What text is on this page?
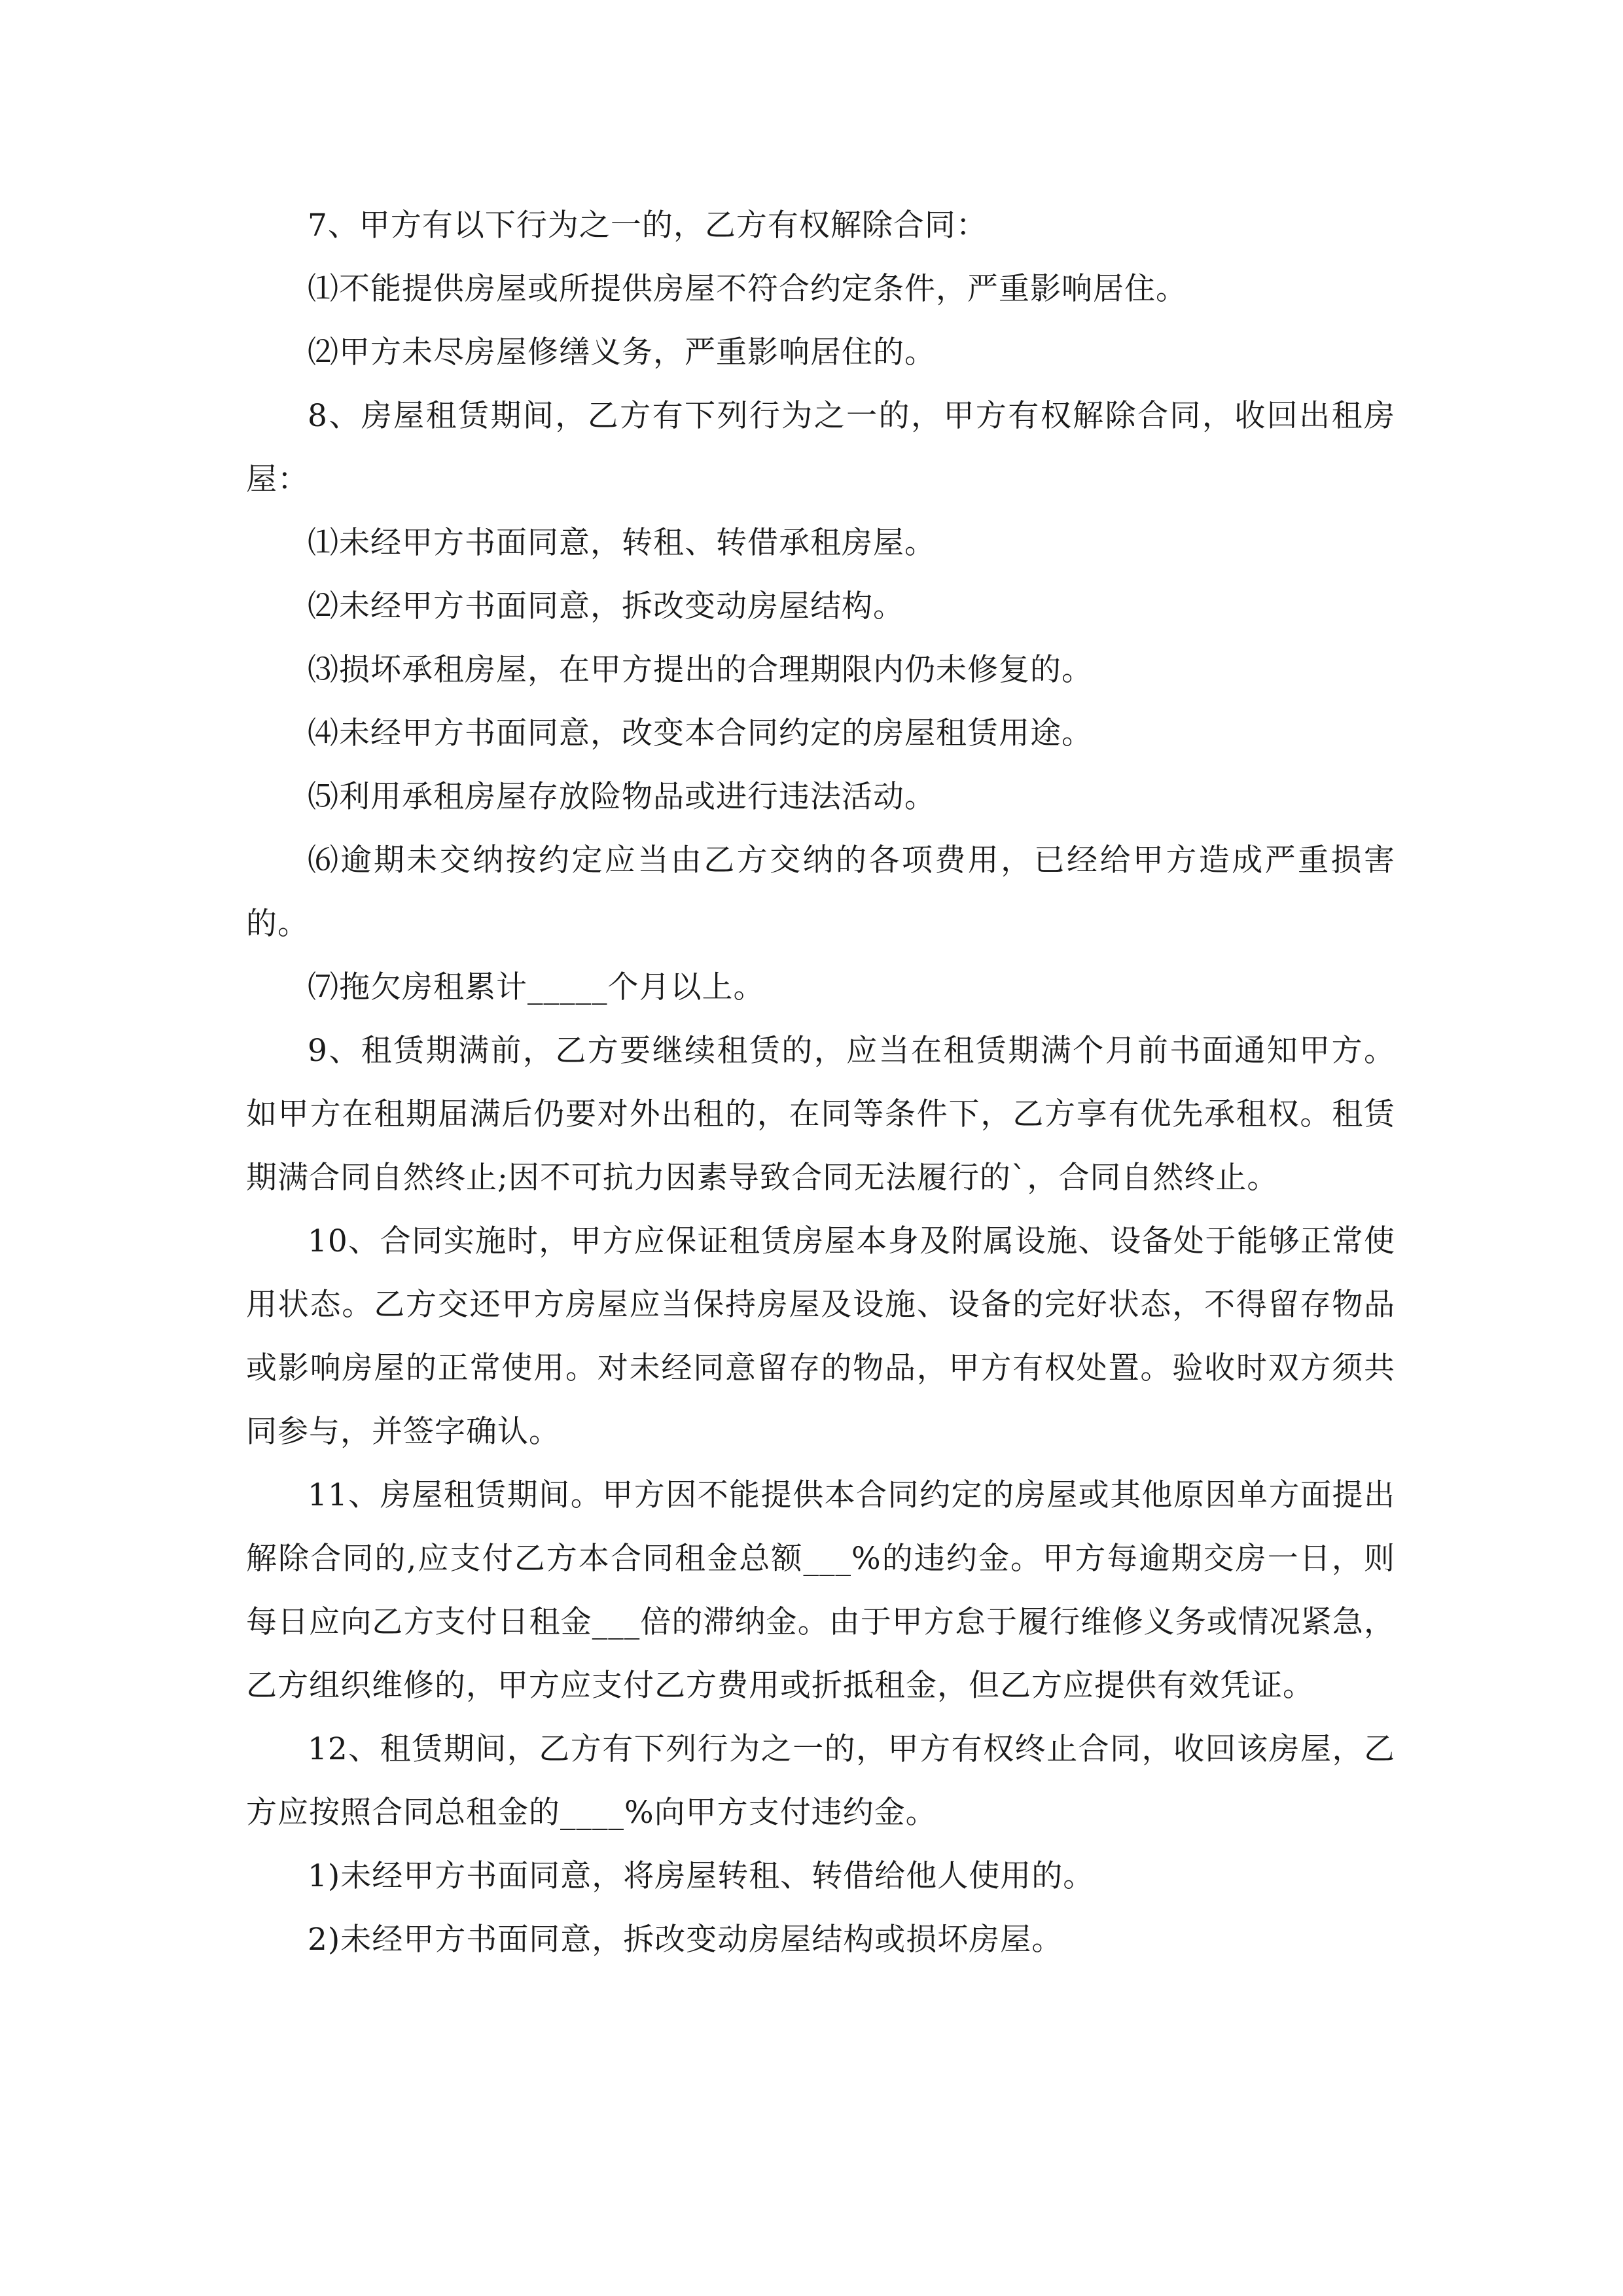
7、甲方有以下行为之一的，乙方有权解除合同：

⑴不能提供房屋或所提供房屋不符合约定条件，严重影响居住。

⑵甲方未尽房屋修缮义务，严重影响居住的。

8、房屋租赁期间，乙方有下列行为之一的，甲方有权解除合同，收回出租房屋：

⑴未经甲方书面同意，转租、转借承租房屋。

⑵未经甲方书面同意，拆改变动房屋结构。

⑶损坏承租房屋，在甲方提出的合理期限内仍未修复的。

⑷未经甲方书面同意，改变本合同约定的房屋租赁用途。

⑸利用承租房屋存放险物品或进行违法活动。

⑹逾期未交纳按约定应当由乙方交纳的各项费用，已经给甲方造成严重损害的。

⑺拖欠房租累计_____个月以上。

9、租赁期满前，乙方要继续租赁的，应当在租赁期满个月前书面通知甲方。如甲方在租期届满后仍要对外出租的，在同等条件下，乙方享有优先承租权。租赁期满合同自然终止;因不可抗力因素导致合同无法履行的`，合同自然终止。

10、合同实施时，甲方应保证租赁房屋本身及附属设施、设备处于能够正常使用状态。乙方交还甲方房屋应当保持房屋及设施、设备的完好状态，不得留存物品或影响房屋的正常使用。对未经同意留存的物品，甲方有权处置。验收时双方须共同参与，并签字确认。

11、房屋租赁期间。甲方因不能提供本合同约定的房屋或其他原因单方面提出解除合同的,应支付乙方本合同租金总额___%的违约金。甲方每逾期交房一日，则每日应向乙方支付日租金___倍的滞纳金。由于甲方怠于履行维修义务或情况紧急，乙方组织维修的，甲方应支付乙方费用或折抵租金，但乙方应提供有效凭证。

12、租赁期间，乙方有下列行为之一的，甲方有权终止合同，收回该房屋，乙方应按照合同总租金的____%向甲方支付违约金。

1)未经甲方书面同意，将房屋转租、转借给他人使用的。

2)未经甲方书面同意，拆改变动房屋结构或损坏房屋。
